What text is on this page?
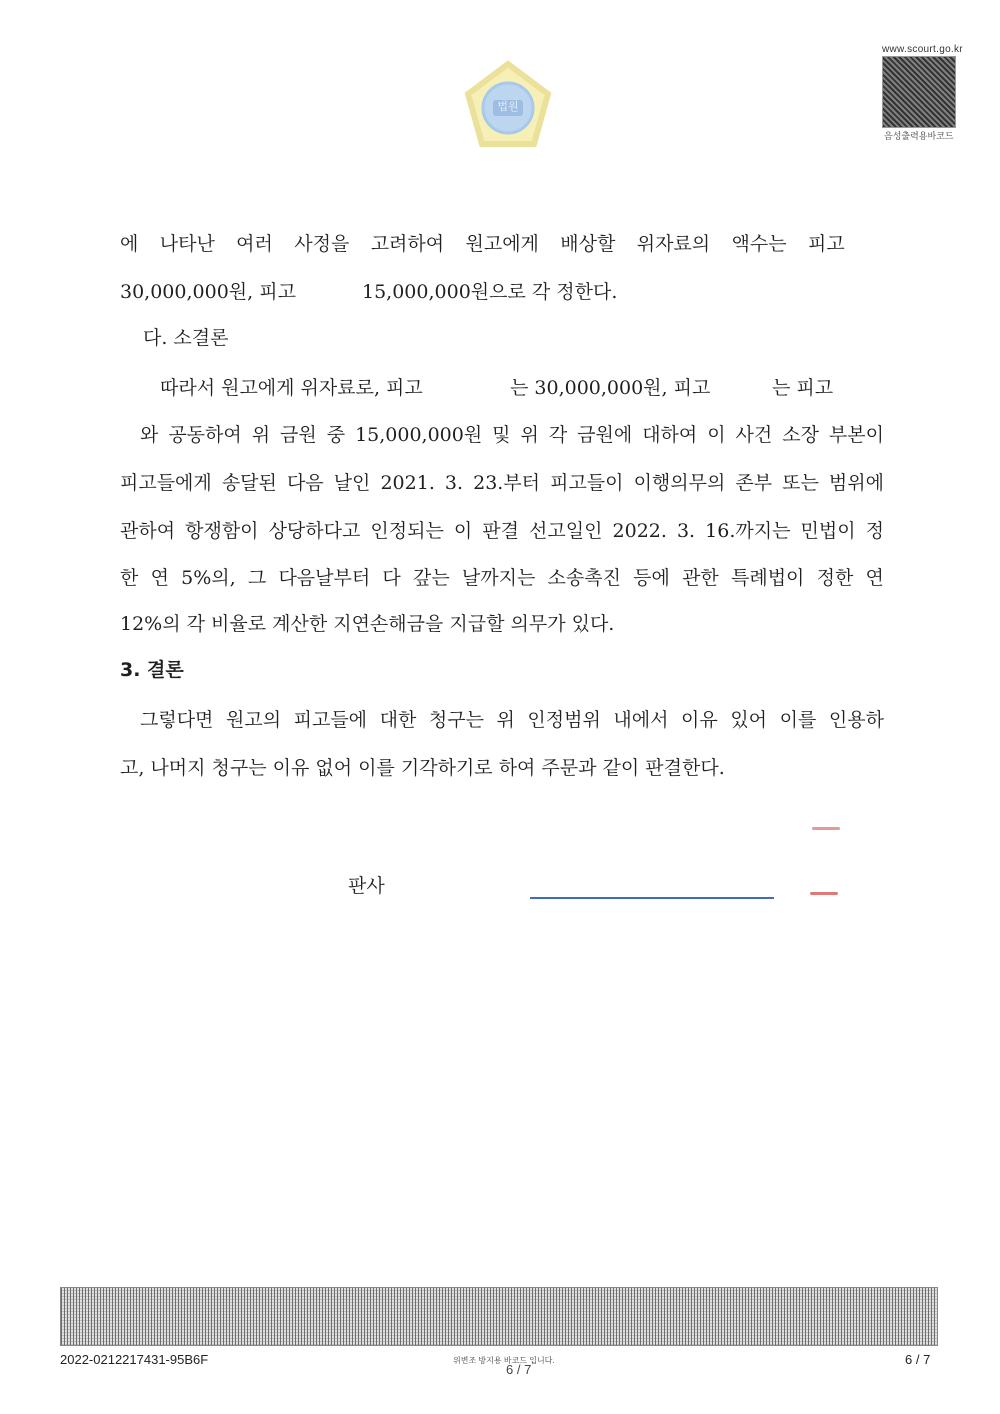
법원
www.scourt.go.kr
음성출력용바코드
에 나타난 여러 사정을 고려하여 원고에게 배상할 위자료의 액수는 피고
30,000,000원, 피고	15,000,000원으로 각 정한다.
다. 소결론
따라서 원고에게 위자료로, 피고	는 30,000,000원, 피고	는 피고
와 공동하여 위 금원 중 15,000,000원 및 위 각 금원에 대하여 이 사건 소장 부본이
피고들에게 송달된 다음 날인 2021. 3. 23.부터 피고들이 이행의무의 존부 또는 범위에
관하여 항쟁함이 상당하다고 인정되는 이 판결 선고일인 2022. 3. 16.까지는 민법이 정
한 연 5%의, 그 다음날부터 다 갚는 날까지는 소송촉진 등에 관한 특례법이 정한 연
12%의 각 비율로 계산한 지연손해금을 지급할 의무가 있다.
3. 결론
그렇다면 원고의 피고들에 대한 청구는 위 인정범위 내에서 이유 있어 이를 인용하
고, 나머지 청구는 이유 없어 이를 기각하기로 하여 주문과 같이 판결한다.
판사
2022-0212217431-95B6F	위변조 방지용 바코드 입니다.
6 / 7
6 / 7
